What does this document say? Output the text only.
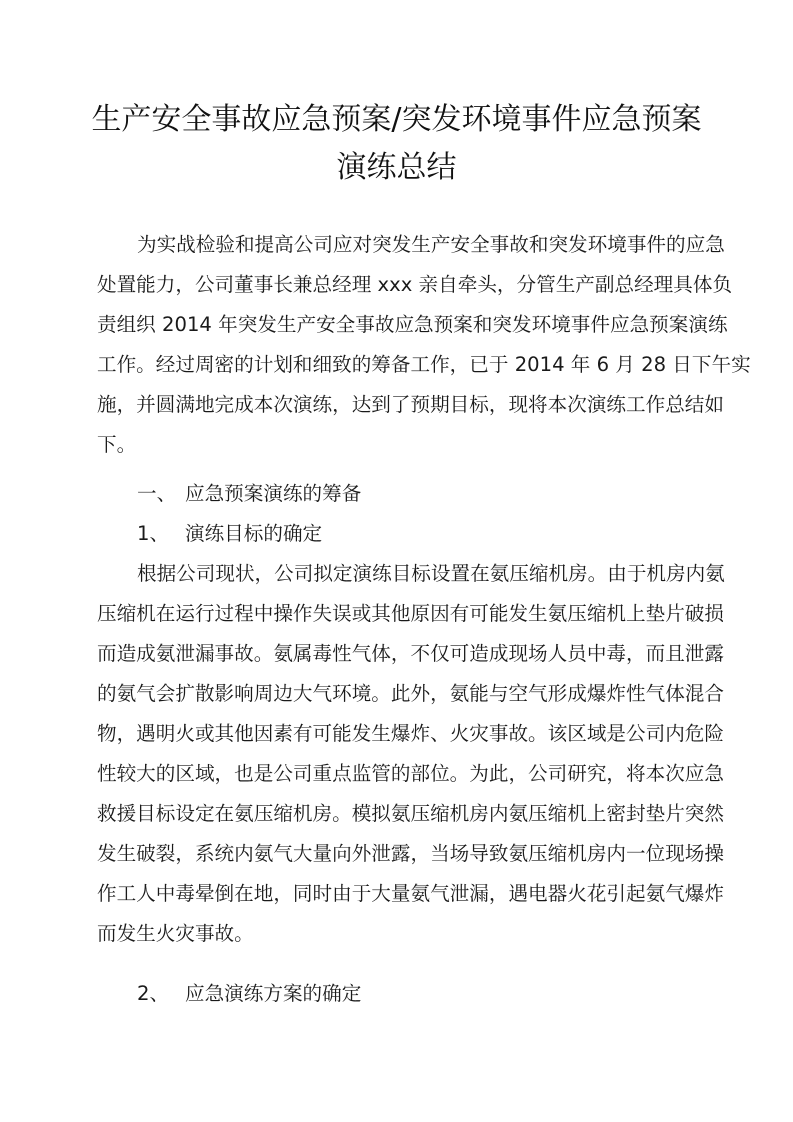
生产安全事故应急预案/突发环境事件应急预案
演练总结
为实战检验和提高公司应对突发生产安全事故和突发环境事件的应急
处置能力，公司董事长兼总经理 xxx 亲自牵头，分管生产副总经理具体负
责组织 2014 年突发生产安全事故应急预案和突发环境事件应急预案演练
工作。经过周密的计划和细致的筹备工作，已于 2014 年 6 月 28 日下午实
施，并圆满地完成本次演练，达到了预期目标，现将本次演练工作总结如
下。
一、 应急预案演练的筹备
1、 演练目标的确定
根据公司现状，公司拟定演练目标设置在氨压缩机房。由于机房内氨
压缩机在运行过程中操作失误或其他原因有可能发生氨压缩机上垫片破损
而造成氨泄漏事故。氨属毒性气体，不仅可造成现场人员中毒，而且泄露
的氨气会扩散影响周边大气环境。此外，氨能与空气形成爆炸性气体混合
物，遇明火或其他因素有可能发生爆炸、火灾事故。该区域是公司内危险
性较大的区域，也是公司重点监管的部位。为此，公司研究，将本次应急
救援目标设定在氨压缩机房。模拟氨压缩机房内氨压缩机上密封垫片突然
发生破裂，系统内氨气大量向外泄露，当场导致氨压缩机房内一位现场操
作工人中毒晕倒在地，同时由于大量氨气泄漏，遇电器火花引起氨气爆炸
而发生火灾事故。
2、 应急演练方案的确定
